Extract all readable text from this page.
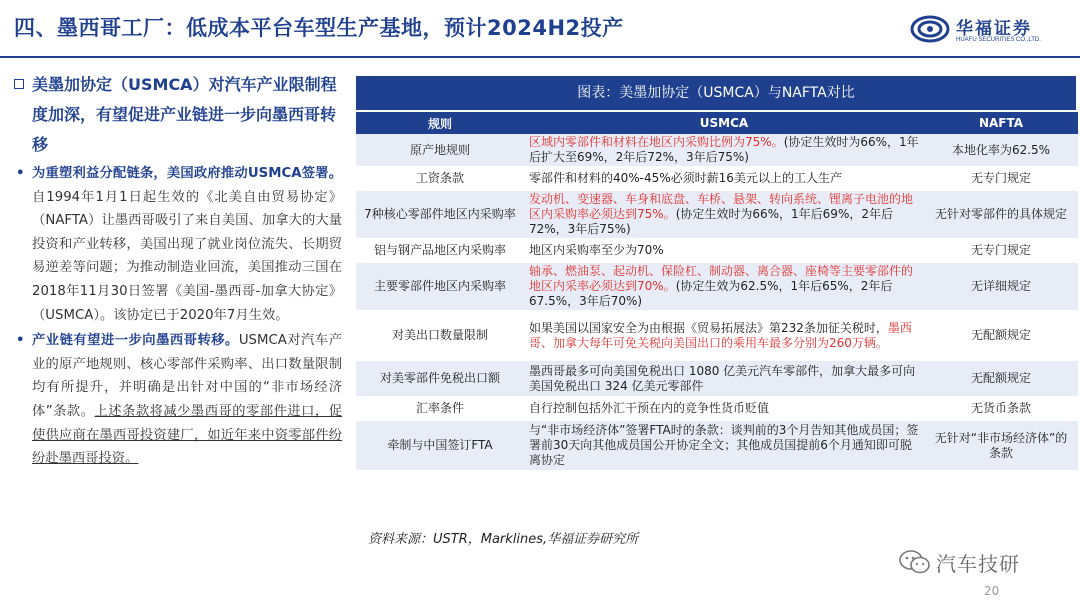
四、墨西哥工厂：低成本平台车型生产基地，预计2024H2投产	华福证券
HUAFU SECURITIES CO.,LTD.
美墨加协定（USMCA）对汽车产业限制程度加深，有望促进产业链进一步向墨西哥转移
• 为重塑利益分配链条，美国政府推动USMCA签署。自1994年1月1日起生效的《北美自由贸易协定》（NAFTA）让墨西哥吸引了来自美国、加拿大的大量投资和产业转移，美国出现了就业岗位流失、长期贸易逆差等问题；为推动制造业回流，美国推动三国在2018年11月30日签署《美国-墨西哥-加拿大协定》（USMCA）。该协定已于2020年7月生效。
• 产业链有望进一步向墨西哥转移。USMCA对汽车产业的原产地规则、核心零部件采购率、出口数量限制均有所提升，并明确是出针对中国的“非市场经济体”条款。上述条款将减少墨西哥的零部件进口，促使供应商在墨西哥投资建厂，如近年来中资零部件纷纷赴墨西哥投资。
图表：美墨加协定（USMCA）与NAFTA对比
规则	USMCA	NAFTA
原产地规则	区域内零部件和材料在地区内采购比例为75%。(协定生效时为66%，1年后扩大至69%，2年后72%，3年后75%)	本地化率为62.5%
工资条款	零部件和材料的40%-45%必须时薪16美元以上的工人生产	无专门规定
7种核心零部件地区内采购率	发动机、变速器、车身和底盘、车桥、悬架、转向系统、锂离子电池的地区内采购率必须达到75%。(协定生效时为66%，1年后69%，2年后72%，3年后75%)	无针对零部件的具体规定
铝与钢产品地区内采购率	地区内采购率至少为70%	无专门规定
主要零部件地区内采购率	轴承、燃油泵、起动机、保险杠、制动器、离合器、座椅等主要零部件的地区内采率必须达到70%。(协定生效为62.5%，1年后65%，2年后67.5%，3年后70%)	无详细规定
对美出口数量限制	如果美国以国家安全为由根据《贸易拓展法》第232条加征关税时，墨西哥、加拿大每年可免关税向美国出口的乘用车最多分别为260万辆。	无配额规定
对美零部件免税出口额	墨西哥最多可向美国免税出口 1080 亿美元汽车零部件，加拿大最多可向美国免税出口 324 亿美元零部件	无配额规定
汇率条件	自行控制包括外汇干预在内的竞争性货币贬值	无货币条款
牵制与中国签订FTA	与“非市场经济体”签署FTA时的条款：谈判前的3个月告知其他成员国；签署前30天向其他成员国公开协定全文；其他成员国提前6个月通知即可脱离协定	无针对“非市场经济体”的条款
资料来源：USTR，Marklines,华福证券研究所
汽车技研
20
